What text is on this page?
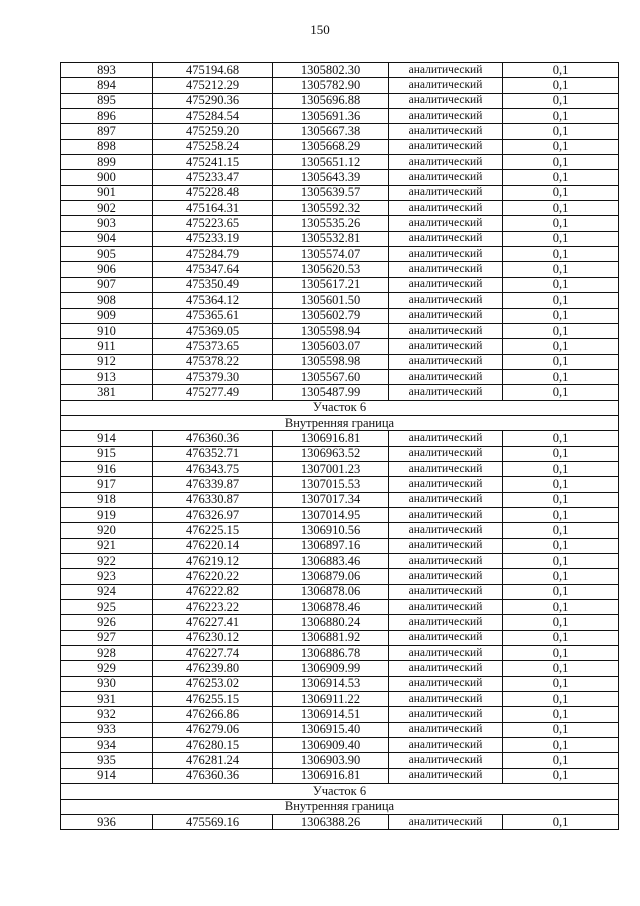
150
893	475194.68	1305802.30	аналитический	0,1
894	475212.29	1305782.90	аналитический	0,1
895	475290.36	1305696.88	аналитический	0,1
896	475284.54	1305691.36	аналитический	0,1
897	475259.20	1305667.38	аналитический	0,1
898	475258.24	1305668.29	аналитический	0,1
899	475241.15	1305651.12	аналитический	0,1
900	475233.47	1305643.39	аналитический	0,1
901	475228.48	1305639.57	аналитический	0,1
902	475164.31	1305592.32	аналитический	0,1
903	475223.65	1305535.26	аналитический	0,1
904	475233.19	1305532.81	аналитический	0,1
905	475284.79	1305574.07	аналитический	0,1
906	475347.64	1305620.53	аналитический	0,1
907	475350.49	1305617.21	аналитический	0,1
908	475364.12	1305601.50	аналитический	0,1
909	475365.61	1305602.79	аналитический	0,1
910	475369.05	1305598.94	аналитический	0,1
911	475373.65	1305603.07	аналитический	0,1
912	475378.22	1305598.98	аналитический	0,1
913	475379.30	1305567.60	аналитический	0,1
381	475277.49	1305487.99	аналитический	0,1
Участок 6				
Внутренняя граница				
914	476360.36	1306916.81	аналитический	0,1
915	476352.71	1306963.52	аналитический	0,1
916	476343.75	1307001.23	аналитический	0,1
917	476339.87	1307015.53	аналитический	0,1
918	476330.87	1307017.34	аналитический	0,1
919	476326.97	1307014.95	аналитический	0,1
920	476225.15	1306910.56	аналитический	0,1
921	476220.14	1306897.16	аналитический	0,1
922	476219.12	1306883.46	аналитический	0,1
923	476220.22	1306879.06	аналитический	0,1
924	476222.82	1306878.06	аналитический	0,1
925	476223.22	1306878.46	аналитический	0,1
926	476227.41	1306880.24	аналитический	0,1
927	476230.12	1306881.92	аналитический	0,1
928	476227.74	1306886.78	аналитический	0,1
929	476239.80	1306909.99	аналитический	0,1
930	476253.02	1306914.53	аналитический	0,1
931	476255.15	1306911.22	аналитический	0,1
932	476266.86	1306914.51	аналитический	0,1
933	476279.06	1306915.40	аналитический	0,1
934	476280.15	1306909.40	аналитический	0,1
935	476281.24	1306903.90	аналитический	0,1
914	476360.36	1306916.81	аналитический	0,1
Участок 6				
Внутренняя граница				
936	475569.16	1306388.26	аналитический	0,1
